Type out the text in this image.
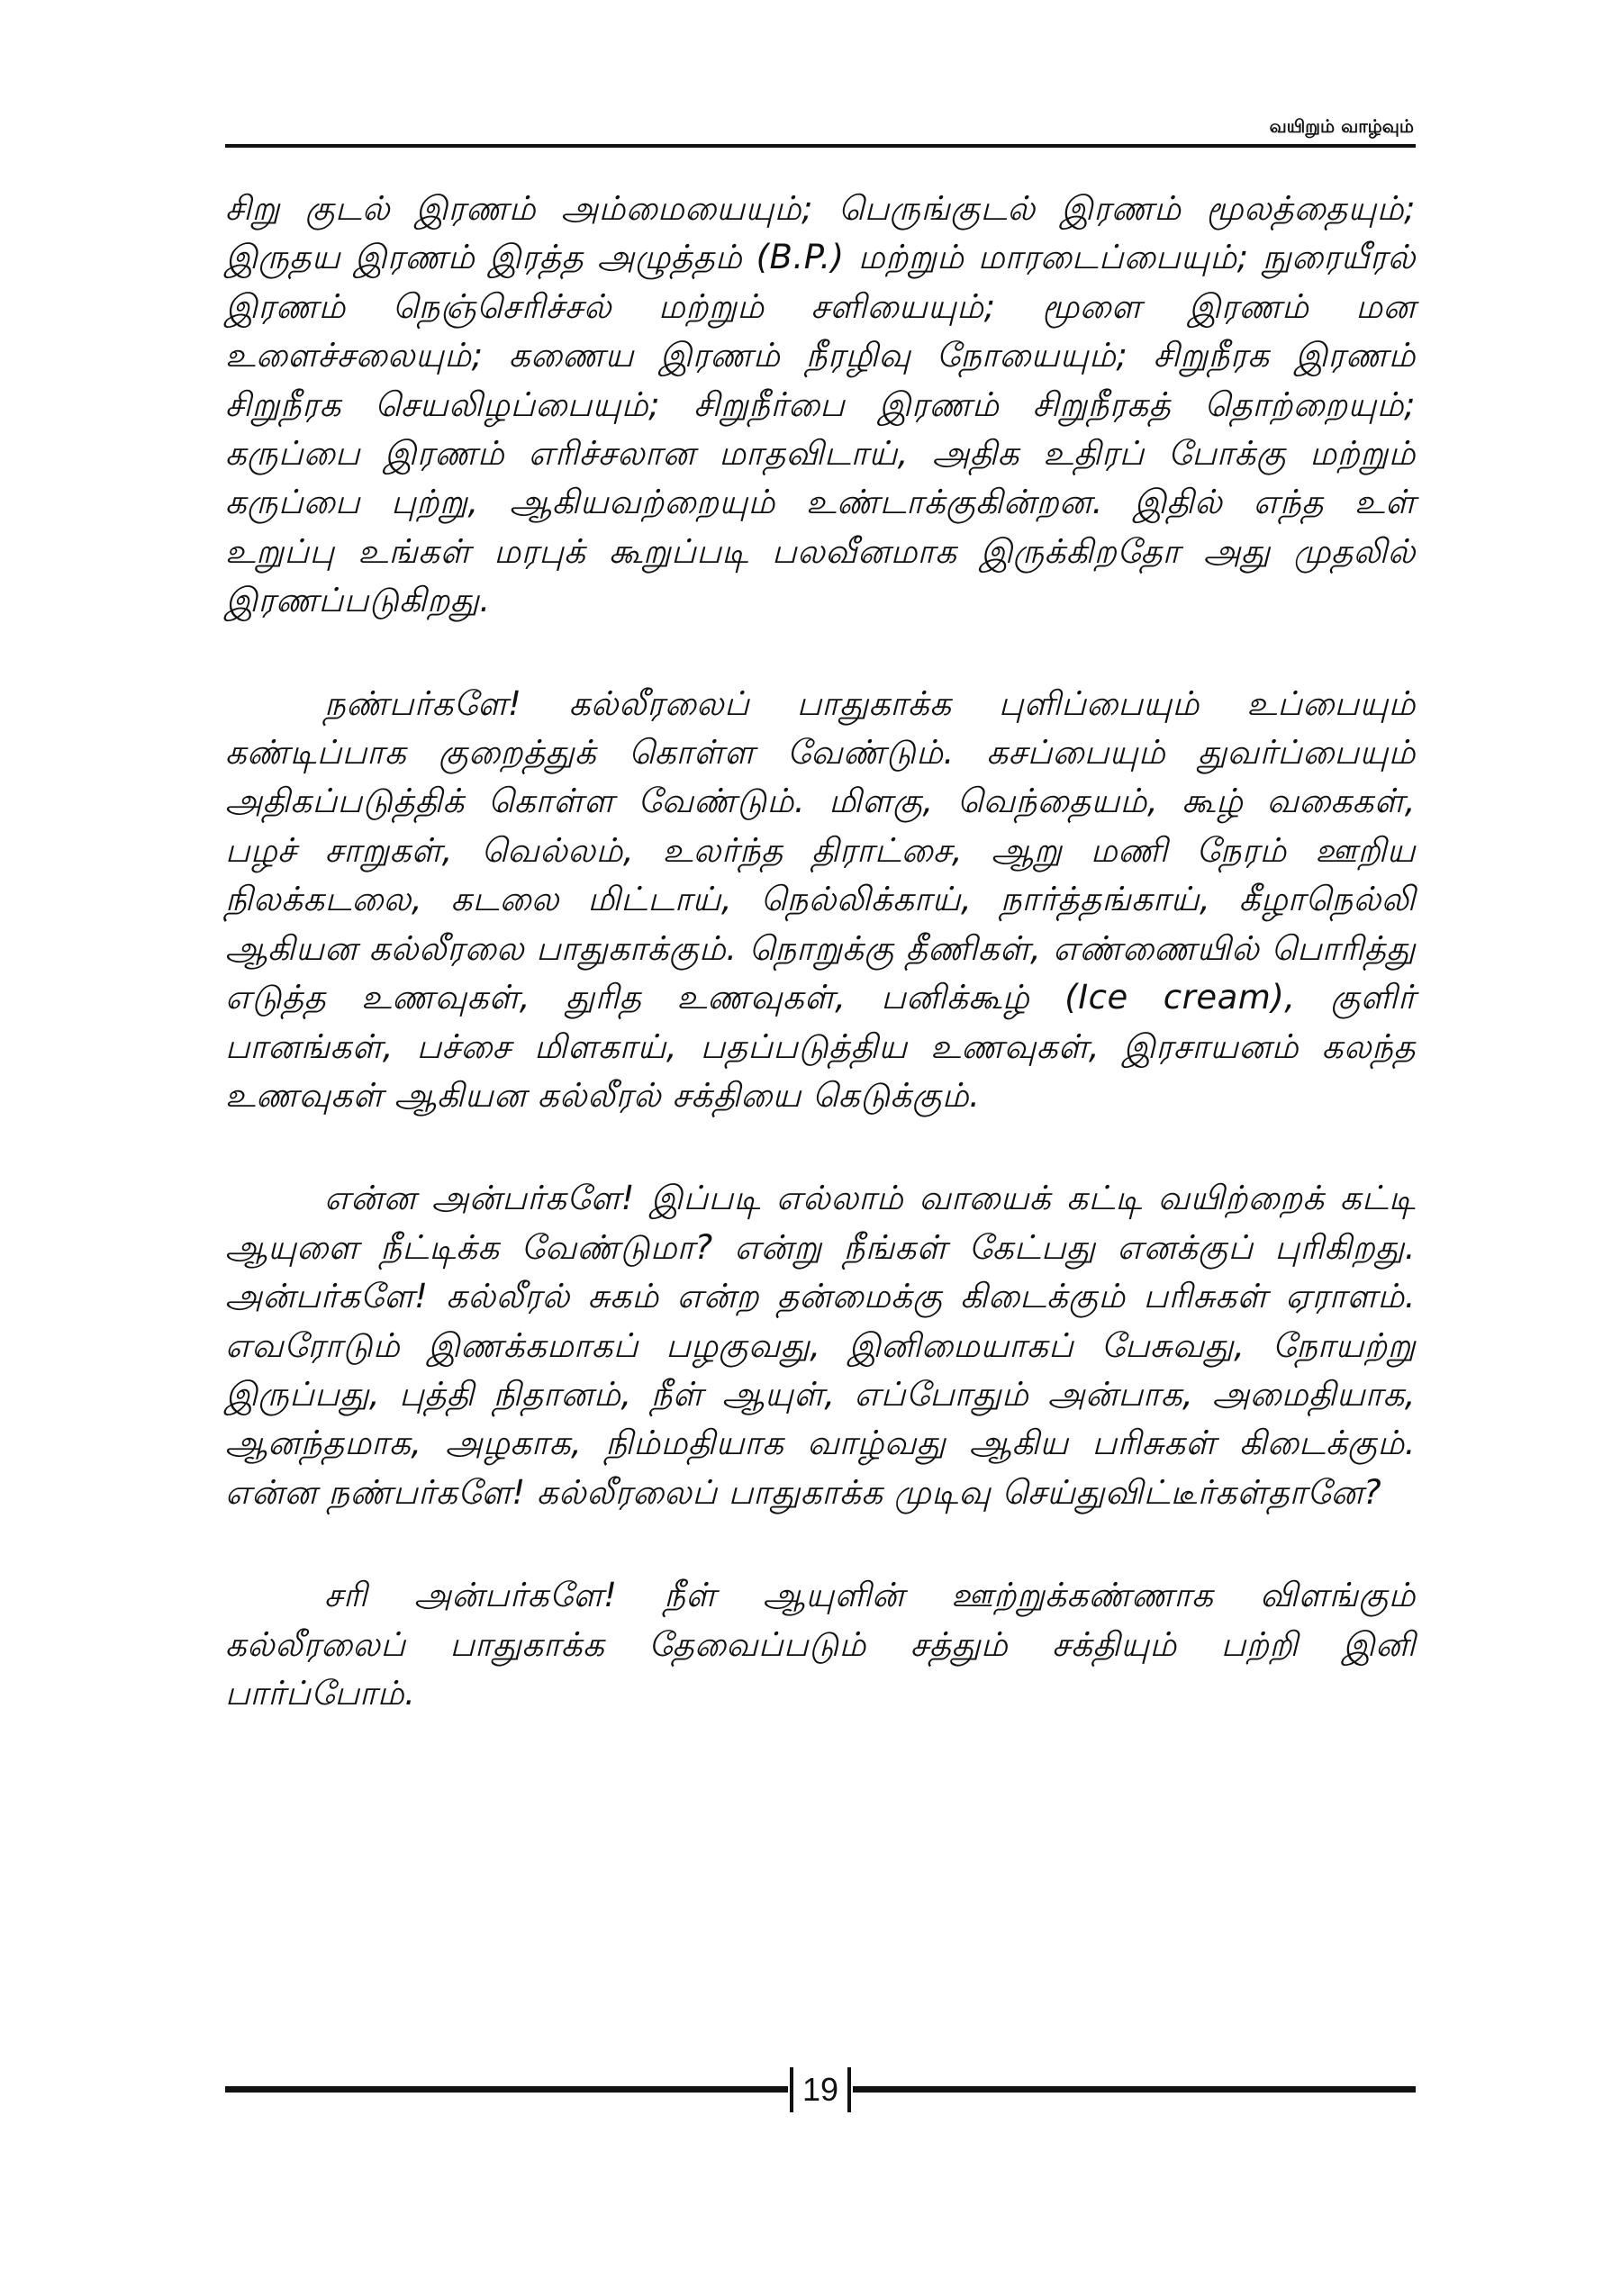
வயிறும் வாழ்வும்

சிறு குடல் இரணம் அம்மையையும்; பெருங்குடல் இரணம் மூலத்தையும்; இருதய இரணம் இரத்த அழுத்தம் (B.P.) மற்றும் மாரடைப்பையும்; நுரையீரல் இரணம் நெஞ்செரிச்சல் மற்றும் சளியையும்; மூளை இரணம் மன உளைச்சலையும்; கணைய இரணம் நீரழிவு நோயையும்; சிறுநீரக இரணம் சிறுநீரக செயலிழப்பையும்; சிறுநீர்பை இரணம் சிறுநீரகத் தொற்றையும்; கருப்பை இரணம் எரிச்சலான மாதவிடாய், அதிக உதிரப் போக்கு மற்றும் கருப்பை புற்று, ஆகியவற்றையும் உண்டாக்குகின்றன. இதில் எந்த உள் உறுப்பு உங்கள் மரபுக் கூறுப்படி பலவீனமாக இருக்கிறதோ அது முதலில் இரணப்படுகிறது.

நண்பர்களே! கல்லீரலைப் பாதுகாக்க புளிப்பையும் உப்பையும் கண்டிப்பாக குறைத்துக் கொள்ள வேண்டும். கசப்பையும் துவர்ப்பையும் அதிகப்படுத்திக் கொள்ள வேண்டும். மிளகு, வெந்தையம், கூழ் வகைகள், பழச் சாறுகள், வெல்லம், உலர்ந்த திராட்சை, ஆறு மணி நேரம் ஊறிய நிலக்கடலை, கடலை மிட்டாய், நெல்லிக்காய், நார்த்தங்காய், கீழாநெல்லி ஆகியன கல்லீரலை பாதுகாக்கும். நொறுக்கு தீணிகள், எண்ணையில் பொரித்து எடுத்த உணவுகள், துரித உணவுகள், பனிக்கூழ் (Ice cream), குளிர் பானங்கள், பச்சை மிளகாய், பதப்படுத்திய உணவுகள், இரசாயனம் கலந்த உணவுகள் ஆகியன கல்லீரல் சக்தியை கெடுக்கும்.

என்ன அன்பர்களே! இப்படி எல்லாம் வாயைக் கட்டி வயிற்றைக் கட்டி ஆயுளை நீட்டிக்க வேண்டுமா? என்று நீங்கள் கேட்பது எனக்குப் புரிகிறது. அன்பர்களே! கல்லீரல் சுகம் என்ற தன்மைக்கு கிடைக்கும் பரிசுகள் ஏராளம். எவரோடும் இணக்கமாகப் பழகுவது, இனிமையாகப் பேசுவது, நோயற்று இருப்பது, புத்தி நிதானம், நீள் ஆயுள், எப்போதும் அன்பாக, அமைதியாக, ஆனந்தமாக, அழகாக, நிம்மதியாக வாழ்வது ஆகிய பரிசுகள் கிடைக்கும். என்ன நண்பர்களே! கல்லீரலைப் பாதுகாக்க முடிவு செய்துவிட்டீர்கள்தானே?

சரி அன்பர்களே! நீள் ஆயுளின் ஊற்றுக்கண்ணாக விளங்கும் கல்லீரலைப் பாதுகாக்க தேவைப்படும் சத்தும் சக்தியும் பற்றி இனி பார்ப்போம்.

19
